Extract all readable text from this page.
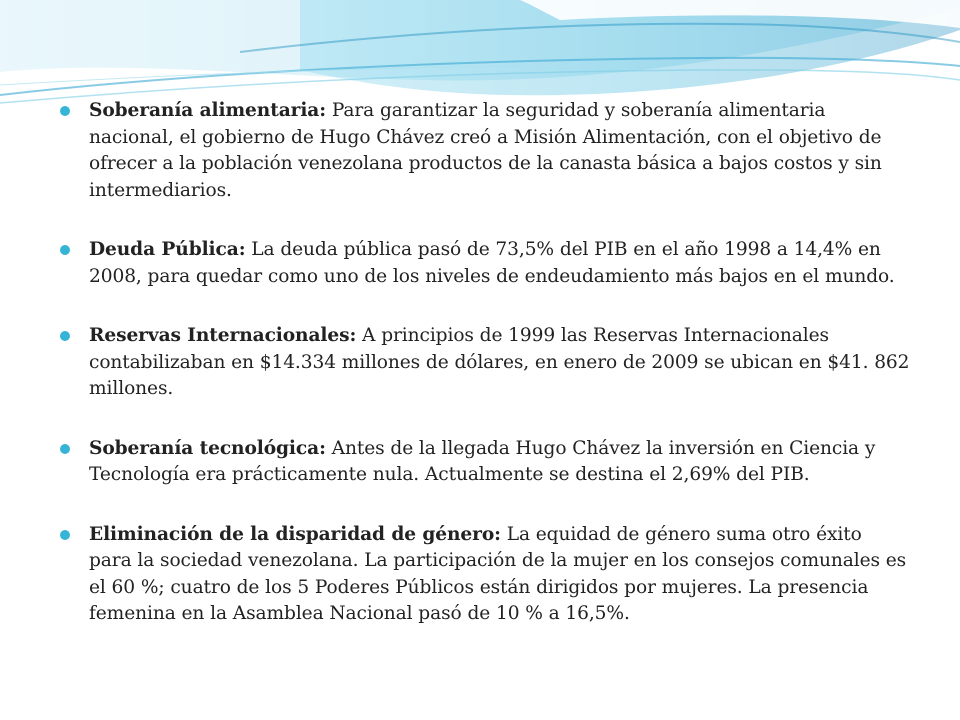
Soberanía alimentaria: Para garantizar la seguridad y soberanía alimentaria nacional, el gobierno de Hugo Chávez creó a Misión Alimentación, con el objetivo de ofrecer a la población venezolana productos de la canasta básica a bajos costos y sin intermediarios.

Deuda Pública: La deuda pública pasó de 73,5% del PIB en el año 1998 a 14,4% en 2008, para quedar como uno de los niveles de endeudamiento más bajos en el mundo.

Reservas Internacionales: A principios de 1999 las Reservas Internacionales contabilizaban en $14.334 millones de dólares, en enero de 2009 se ubican en $41. 862 millones.

Soberanía tecnológica: Antes de la llegada Hugo Chávez la inversión en Ciencia y Tecnología era prácticamente nula. Actualmente se destina el 2,69% del PIB.

Eliminación de la disparidad de género: La equidad de género suma otro éxito para la sociedad venezolana. La participación de la mujer en los consejos comunales es el 60 %; cuatro de los 5 Poderes Públicos están dirigidos por mujeres. La presencia femenina en la Asamblea Nacional pasó de 10 % a 16,5%.
